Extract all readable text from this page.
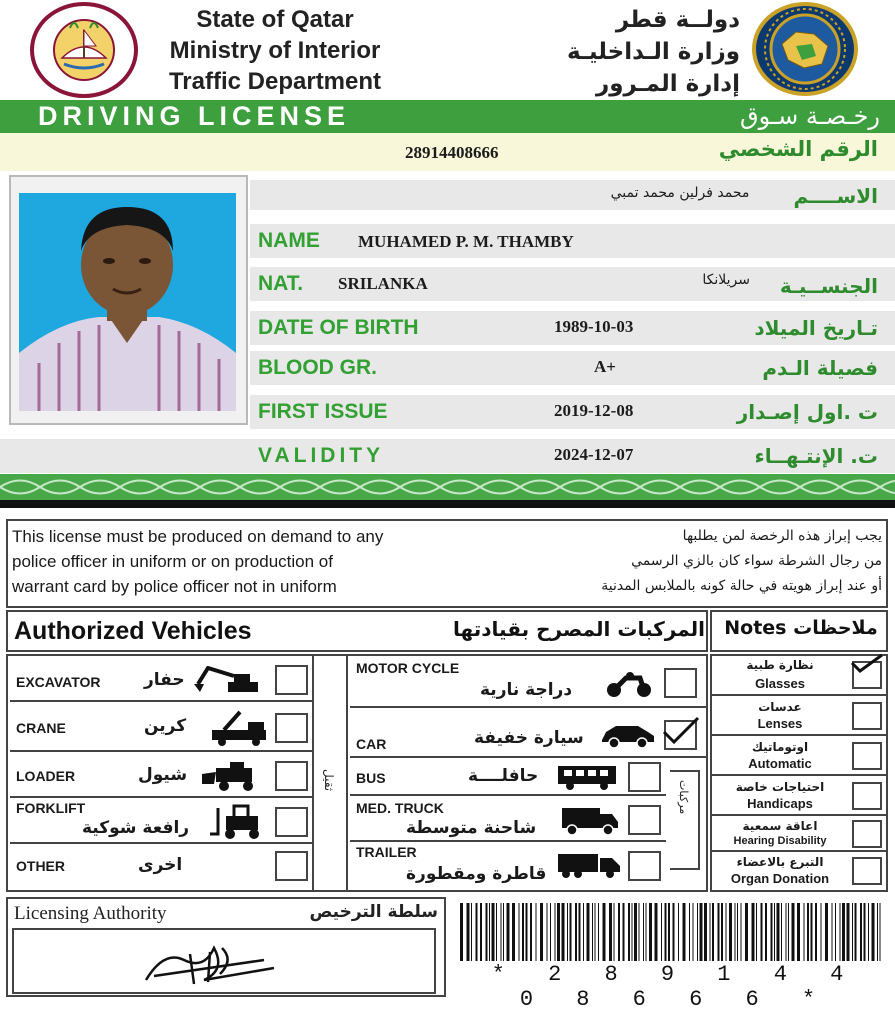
State of Qatar
Ministry of Interior
Traffic Department
دولــة قطر
وزارة الـداخليـة
إدارة المـرور
DRIVING LICENSE	رخـصـة سـوق
28914408666	الرقم الشخصي
محمد فرلين محمد تمبي	الاســــم
NAME MUHAMED P. M. THAMBY
NAT. SRILANKA	سريلانكا	الجنســيـة
DATE OF BIRTH	1989-10-03	تـاريخ الميلاد
BLOOD GR.	A+	فصيلة الـدم
FIRST ISSUE	2019-12-08	ت .اول إصـدار
VALIDITY	2024-12-07	ت. الإنتـهــاء
This license must be produced on demand to any
police officer in uniform or on production of
warrant card by police officer not in uniform
يجب إبراز هذه الرخصة لمن يطلبها
من رجال الشرطة سواء كان بالزي الرسمي
أو عند إبراز هويته في حالة كونه بالملابس المدنية
Authorized Vehicles	المركبات المصرح بقيادتها	Notes ملاحظات
ثقيل	مركبات
EXCAVATOR	حفار
CRANE	كرين
LOADER	شيول
FORKLIFT
رافعة شوكية
OTHER	اخرى
MOTOR CYCLE
دراجة نارية
CAR	سيارة خفيفة
BUS	حافلــــة
MED. TRUCK
شاحنة متوسطة
TRAILER
قاطرة ومقطورة
نظارة طبية
Glasses
عدسات
Lenses
اوتوماتيك
Automatic
احتياجات خاصة
Handicaps
اعاقة سمعية
Hearing Disability
التبرع بالاعضاء
Organ Donation
Licensing Authority	سلطة الترخيص
* 2 8 9 1 4 4 0 8 6 6 6 *
